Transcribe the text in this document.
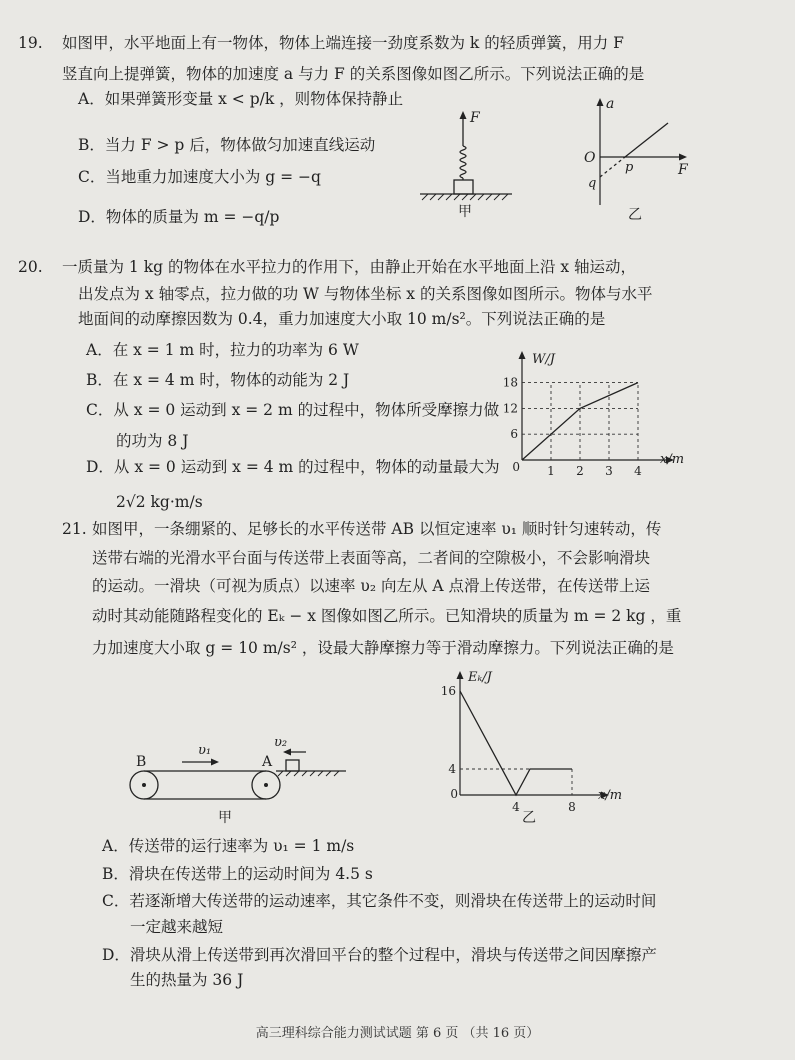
19. 如图甲，水平地面上有一物体，物体上端连接一劲度系数为 k 的轻质弹簧，用力 F
竖直向上提弹簧，物体的加速度 a 与力 F 的关系图像如图乙所示。下列说法正确的是
A．如果弹簧形变量 x < p/k ，则物体保持静止
B．当力 F > p 后，物体做匀加速直线运动
C．当地重力加速度大小为 g = −q
D．物体的质量为 m = −q/p
F
甲
a
F
O
p
q
乙
20. 一质量为 1 kg 的物体在水平拉力的作用下，由静止开始在水平地面上沿 x 轴运动，
出发点为 x 轴零点，拉力做的功 W 与物体坐标 x 的关系图像如图所示。物体与水平
地面间的动摩擦因数为 0.4，重力加速度大小取 10 m/s²。下列说法正确的是
A．在 x = 1 m 时，拉力的功率为 6 W
B．在 x = 4 m 时，物体的动能为 2 J
C．从 x = 0 运动到 x = 2 m 的过程中，物体所受摩擦力做
的功为 8 J
D．从 x = 0 运动到 x = 4 m 的过程中，物体的动量最大为
2√2 kg·m/s
W/J
x/m
0
6
12
18
1 2 3 4
21. 如图甲，一条绷紧的、足够长的水平传送带 AB 以恒定速率 υ₁ 顺时针匀速转动，传
送带右端的光滑水平台面与传送带上表面等高，二者间的空隙极小，不会影响滑块
的运动。一滑块（可视为质点）以速率 υ₂ 向左从 A 点滑上传送带，在传送带上运
动时其动能随路程变化的 Eₖ − x 图像如图乙所示。已知滑块的质量为 m = 2 kg ，重
力加速度大小取 g = 10 m/s² ，设最大静摩擦力等于滑动摩擦力。下列说法正确的是
B	A
υ₁
υ₂
甲
Eₖ/J
x/m
0
4
16
4	8
乙
A．传送带的运行速率为 υ₁ = 1 m/s
B．滑块在传送带上的运动时间为 4.5 s
C．若逐渐增大传送带的运动速率，其它条件不变，则滑块在传送带上的运动时间
一定越来越短
D．滑块从滑上传送带到再次滑回平台的整个过程中，滑块与传送带之间因摩擦产
生的热量为 36 J
高三理科综合能力测试试题 第 6 页 （共 16 页）
